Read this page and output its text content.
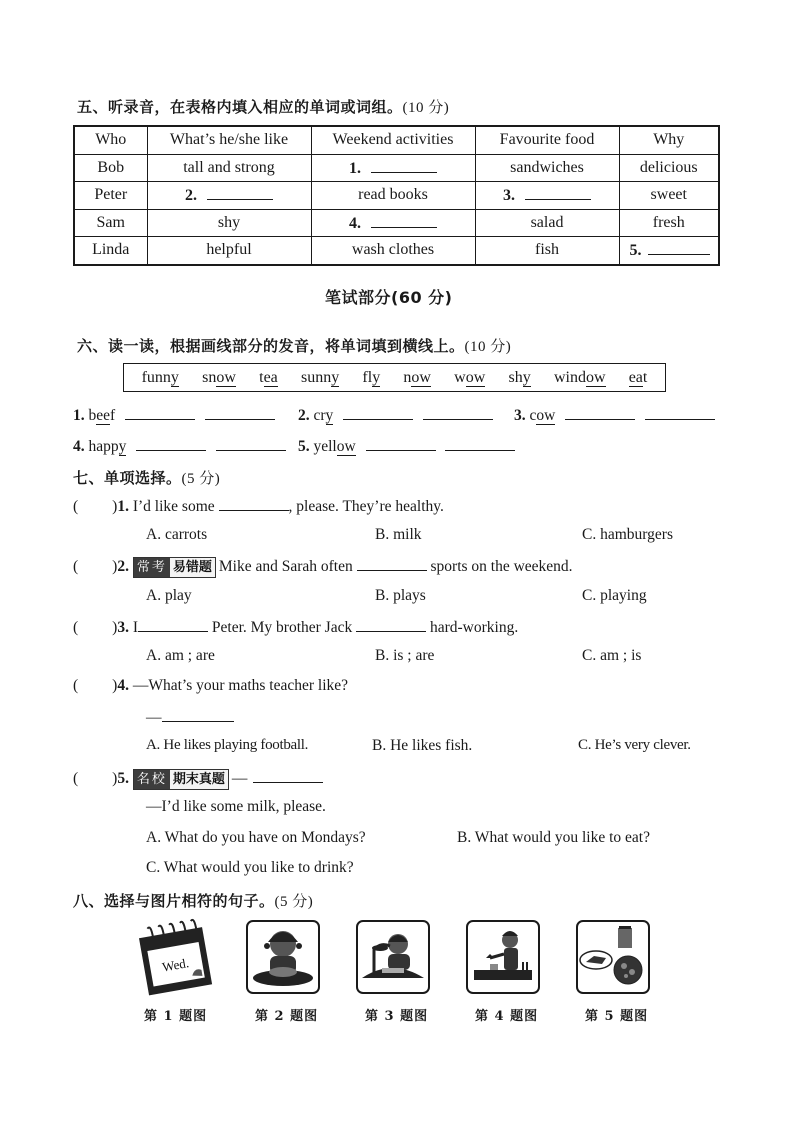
五、听录音，在表格内填入相应的单词或词组。(10 分)
Who	What’s he/she like	Weekend activities	Favourite food	Why
Bob	tall and strong	1.	sandwiches	delicious
Peter	2.	read books	3.	sweet
Sam	shy	4.	salad	fresh
Linda	helpful	wash clothes	fish	5.
笔试部分(60 分)
六、读一读，根据画线部分的发音，将单词填到横线上。(10 分)
funny snow tea sunny fly now wow shy window eat
1. beef	2. cry	3. cow
4. happy	5. yellow
七、单项选择。(5 分)
( )1. I’d like some	, please. They’re healthy.
A. carrots	B. milk	C. hamburgers
( )2. 常考 易错题 Mike and Sarah often	sports on the weekend.
A. play	B. plays	C. playing
( )3. I	Peter. My brother Jack	hard-working.
A. am ; are	B. is ; are	C. am ; is
( )4. —What’s your maths teacher like?
—
A. He likes playing football.	B. He likes fish.	C. He’s very clever.
( )5. 名校 期末真题 —
—I’d like some milk, please.
A. What do you have on Mondays?	B. What would you like to eat?
C. What would you like to drink?
八、选择与图片相符的句子。(5 分)
Wed.
第 1 题图	第 2 题图	第 3 题图	第 4 题图	第 5 题图
